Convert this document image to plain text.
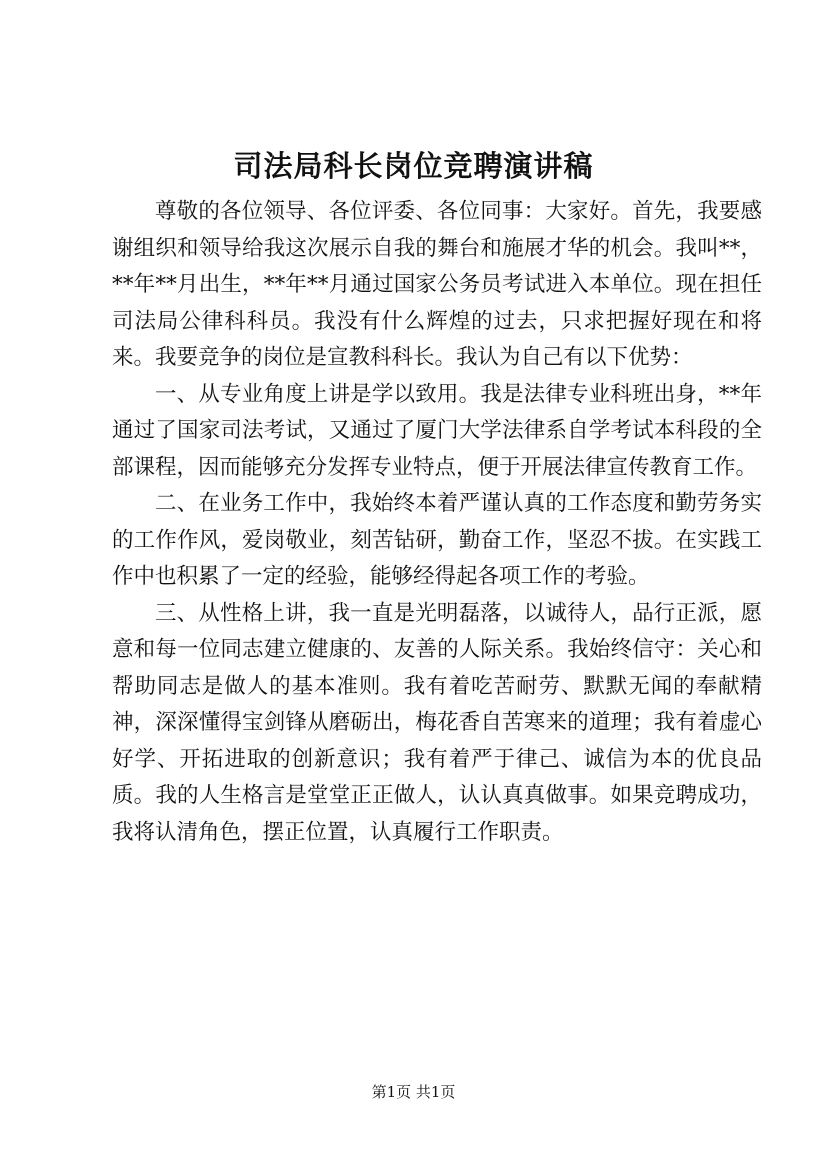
司法局科长岗位竞聘演讲稿

尊敬的各位领导、各位评委、各位同事：大家好。首先，我要感谢组织和领导给我这次展示自我的舞台和施展才华的机会。我叫**，**年**月出生，**年**月通过国家公务员考试进入本单位。现在担任司法局公律科科员。我没有什么辉煌的过去，只求把握好现在和将来。我要竞争的岗位是宣教科科长。我认为自己有以下优势：

一、从专业角度上讲是学以致用。我是法律专业科班出身，**年通过了国家司法考试，又通过了厦门大学法律系自学考试本科段的全部课程，因而能够充分发挥专业特点，便于开展法律宣传教育工作。

二、在业务工作中，我始终本着严谨认真的工作态度和勤劳务实的工作作风，爱岗敬业，刻苦钻研，勤奋工作，坚忍不拔。在实践工作中也积累了一定的经验，能够经得起各项工作的考验。

三、从性格上讲，我一直是光明磊落，以诚待人，品行正派，愿意和每一位同志建立健康的、友善的人际关系。我始终信守：关心和帮助同志是做人的基本准则。我有着吃苦耐劳、默默无闻的奉献精神，深深懂得宝剑锋从磨砺出，梅花香自苦寒来的道理；我有着虚心好学、开拓进取的创新意识；我有着严于律己、诚信为本的优良品质。我的人生格言是堂堂正正做人，认认真真做事。如果竞聘成功，我将认清角色，摆正位置，认真履行工作职责。

第1页 共1页
